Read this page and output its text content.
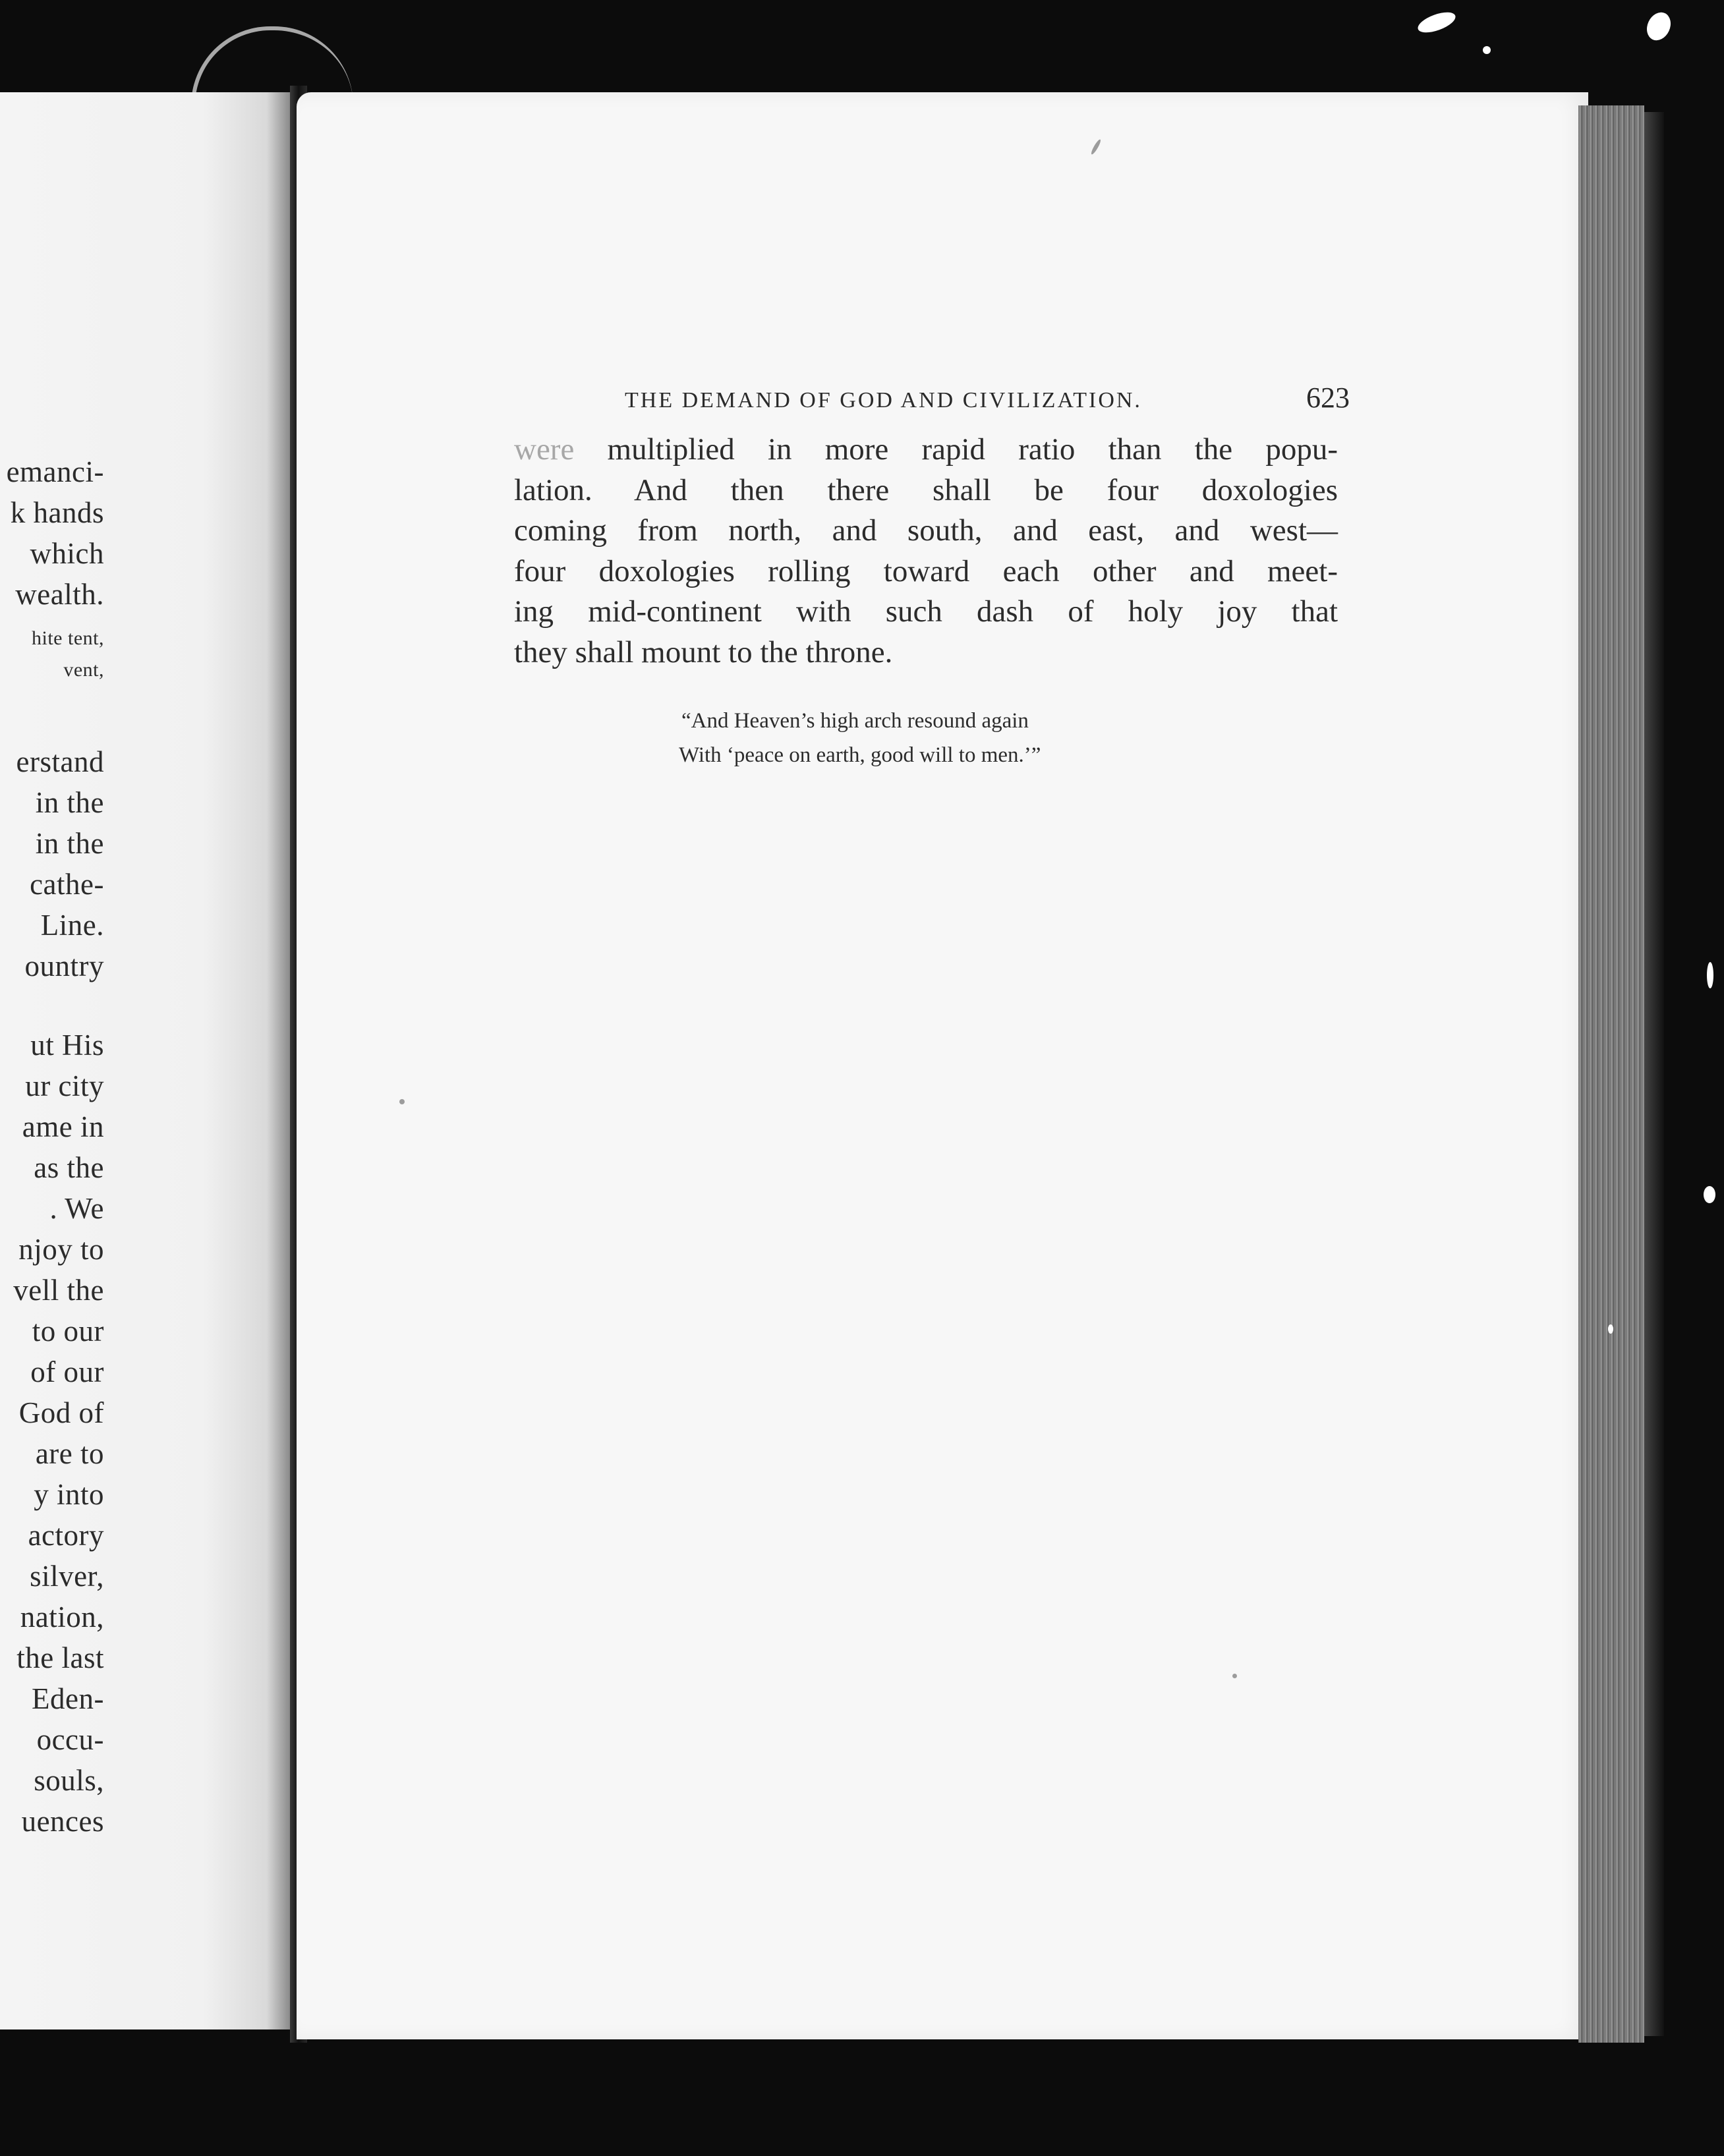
emanci-
k hands
which
wealth.
hite tent,
vent,
erstand
in the
in the
cathe-
Line.
ountry
ut His
ur city
ame in
as the
. We
njoy to
vell the
to our
of our
God of
are to
y into
actory
silver,
nation,
the last
Eden-
occu-
souls,
uences
THE DEMAND OF GOD AND CIVILIZATION.	623
were multiplied in more rapid ratio than the popu-
lation. And then there shall be four doxologies
coming from north, and south, and east, and west—
four doxologies rolling toward each other and meet-
ing mid-continent with such dash of holy joy that
they shall mount to the throne.
“And Heaven’s high arch resound again
With ‘peace on earth, good will to men.’”
